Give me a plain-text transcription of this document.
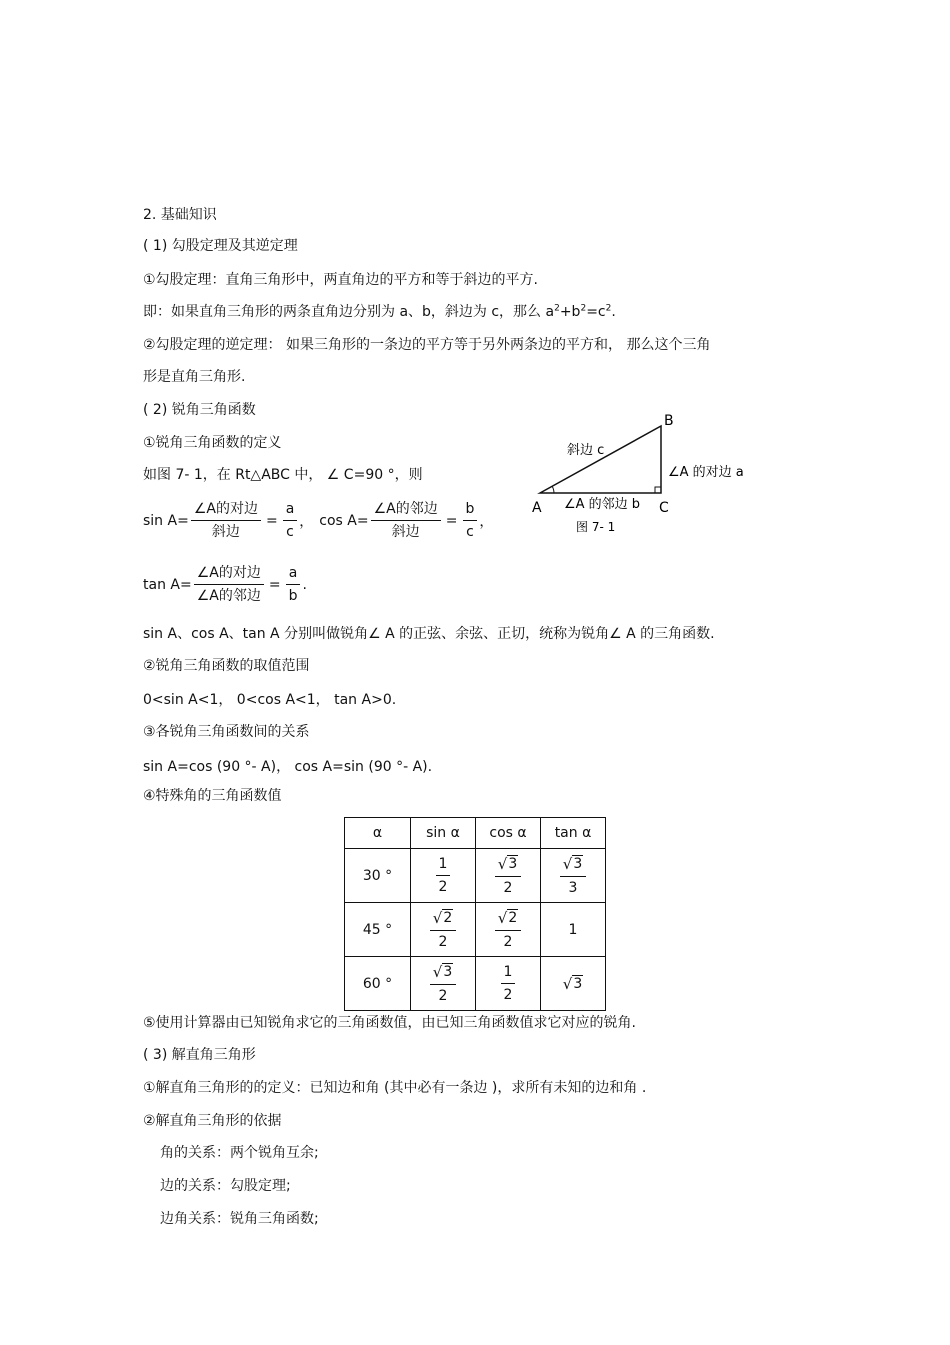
2. 基础知识
( 1) 勾股定理及其逆定理
①勾股定理：直角三角形中，两直角边的平方和等于斜边的平方.
即：如果直角三角形的两条直角边分别为 a、b，斜边为 c，那么 $a^2+b^2=c^2$.
②勾股定理的逆定理： 如果三角形的一条边的平方等于另外两条边的平方和， 那么这个三角
形是直角三角形.
( 2) 锐角三角函数
①锐角三角函数的定义
如图 7- 1，在 Rt△ABC 中， ∠ C=90 °，则
$\sin A= \frac{\text{∠A的对边}}{\text{斜边}} = \frac{a}{c}$ ， $\cos A= \frac{\text{∠A的邻边}}{\text{斜边}} = \frac{b}{c}$ ，
$\tan A= \frac{\text{∠A的对边}}{\text{∠A的邻边}} = \frac{a}{b}$ .
B
A	C
斜边 c
∠A 的对边 a
∠A 的邻边 b
图 7- 1
sin A、cos A、tan A 分别叫做锐角∠ A 的正弦、余弦、正切，统称为锐角∠ A 的三角函数.
②锐角三角函数的取值范围
0<sin A<1， 0<cos A<1， tan A>0.
③各锐角三角函数间的关系
sin A=cos (90 °- A)， cos A=sin (90 °- A).
④特殊角的三角函数值
α	sin α	cos α	tan α
30 °	$\frac{1}{2}$	$\frac{√ 3}{2}$	$\frac{√ 3}{3}$

45 °	$\frac{√ 2}{2}$	$\frac{√ 2}{2}$	1
60 °	$\frac{√ 3}{2}$	$\frac{1}{2}$	√ 3
⑤使用计算器由已知锐角求它的三角函数值，由已知三角函数值求它对应的锐角.
( 3) 解直角三角形
①解直角三角形的的定义：已知边和角 (其中必有一条边 )，求所有未知的边和角 .
②解直角三角形的依据
角的关系：两个锐角互余;
边的关系：勾股定理;
边角关系：锐角三角函数;
